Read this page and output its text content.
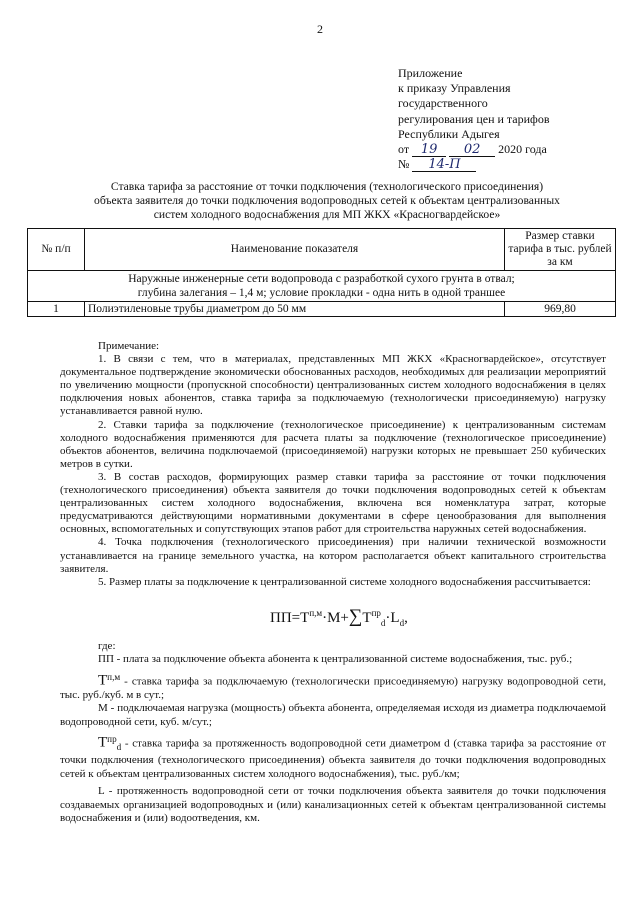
2
Приложение
к приказу Управления
государственного
регулирования цен и тарифов
Республики Адыгея
от 19 02 2020 года
№ 14-П
Ставка тарифа за расстояние от точки подключения (технологического присоединения) объекта заявителя до точки подключения водопроводных сетей к объектам централизованных систем холодного водоснабжения для МП ЖКХ «Красногвардейское»
№ п/п	Наименование показателя	Размер ставки тарифа в тыс. рублей за км

Наружные инженерные сети водопровода с разработкой сухого грунта в отвал;
глубина залегания – 1,4 м; условие прокладки - одна нить в одной траншее		

1	Полиэтиленовые трубы диаметром до 50 мм	969,80

Примечание:

1. В связи с тем, что в материалах, представленных МП ЖКХ «Красногвардейское», отсутствует документальное подтверждение экономически обоснованных расходов, необходимых для реализации мероприятий по увеличению мощности (пропускной способности) централизованных систем холодного водоснабжения в целях подключения новых абонентов, ставка тарифа за подключаемую (технологически присоединяемую) нагрузку устанавливается равной нулю.

2. Ставки тарифа за подключение (технологическое присоединение) к централизованным системам холодного водоснабжения применяются для расчета платы за подключение (технологическое присоединение) объектов абонентов, величина подключаемой (присоединяемой) нагрузки которых не превышает 250 кубических метров в сутки.

3. В состав расходов, формирующих размер ставки тарифа за расстояние от точки подключения (технологического присоединения) объекта заявителя до точки подключения водопроводных сетей к объектам централизованных систем холодного водоснабжения, включена вся номенклатура затрат, которые предусматриваются действующими нормативными документами в сфере ценообразования для выполнения основных, вспомогательных и сопутствующих этапов работ для строительства наружных сетей водоснабжения.

4. Точка подключения (технологического присоединения) при наличии технической возможности устанавливается на границе земельного участка, на котором располагается объект капитального строительства заявителя.

5. Размер платы за подключение к централизованной системе холодного водоснабжения рассчитывается:

$ПП=Т^{п,м}\cdot М+\sum Т^{пр}_d\cdot L_d$,

где:

ПП - плата за подключение объекта абонента к централизованной системе водоснабжения, тыс. руб.;

$Т^{п,м}$ - ставка тарифа за подключаемую (технологически присоединяемую) нагрузку водопроводной сети, тыс. руб./куб. м в сут.;

М - подключаемая нагрузка (мощность) объекта абонента, определяемая исходя из диаметра подключаемой водопроводной сети, куб. м/сут.;

$Т^{пр}_d$ - ставка тарифа за протяженность водопроводной сети диаметром d (ставка тарифа за расстояние от точки подключения (технологического присоединения) объекта заявителя до точки подключения водопроводных сетей к объектам централизованных систем холодного водоснабжения), тыс. руб./км;

L - протяженность водопроводной сети от точки подключения объекта заявителя до точки подключения создаваемых организацией водопроводных и (или) канализационных сетей к объектам централизованной системы водоснабжения и (или) водоотведения, км.
